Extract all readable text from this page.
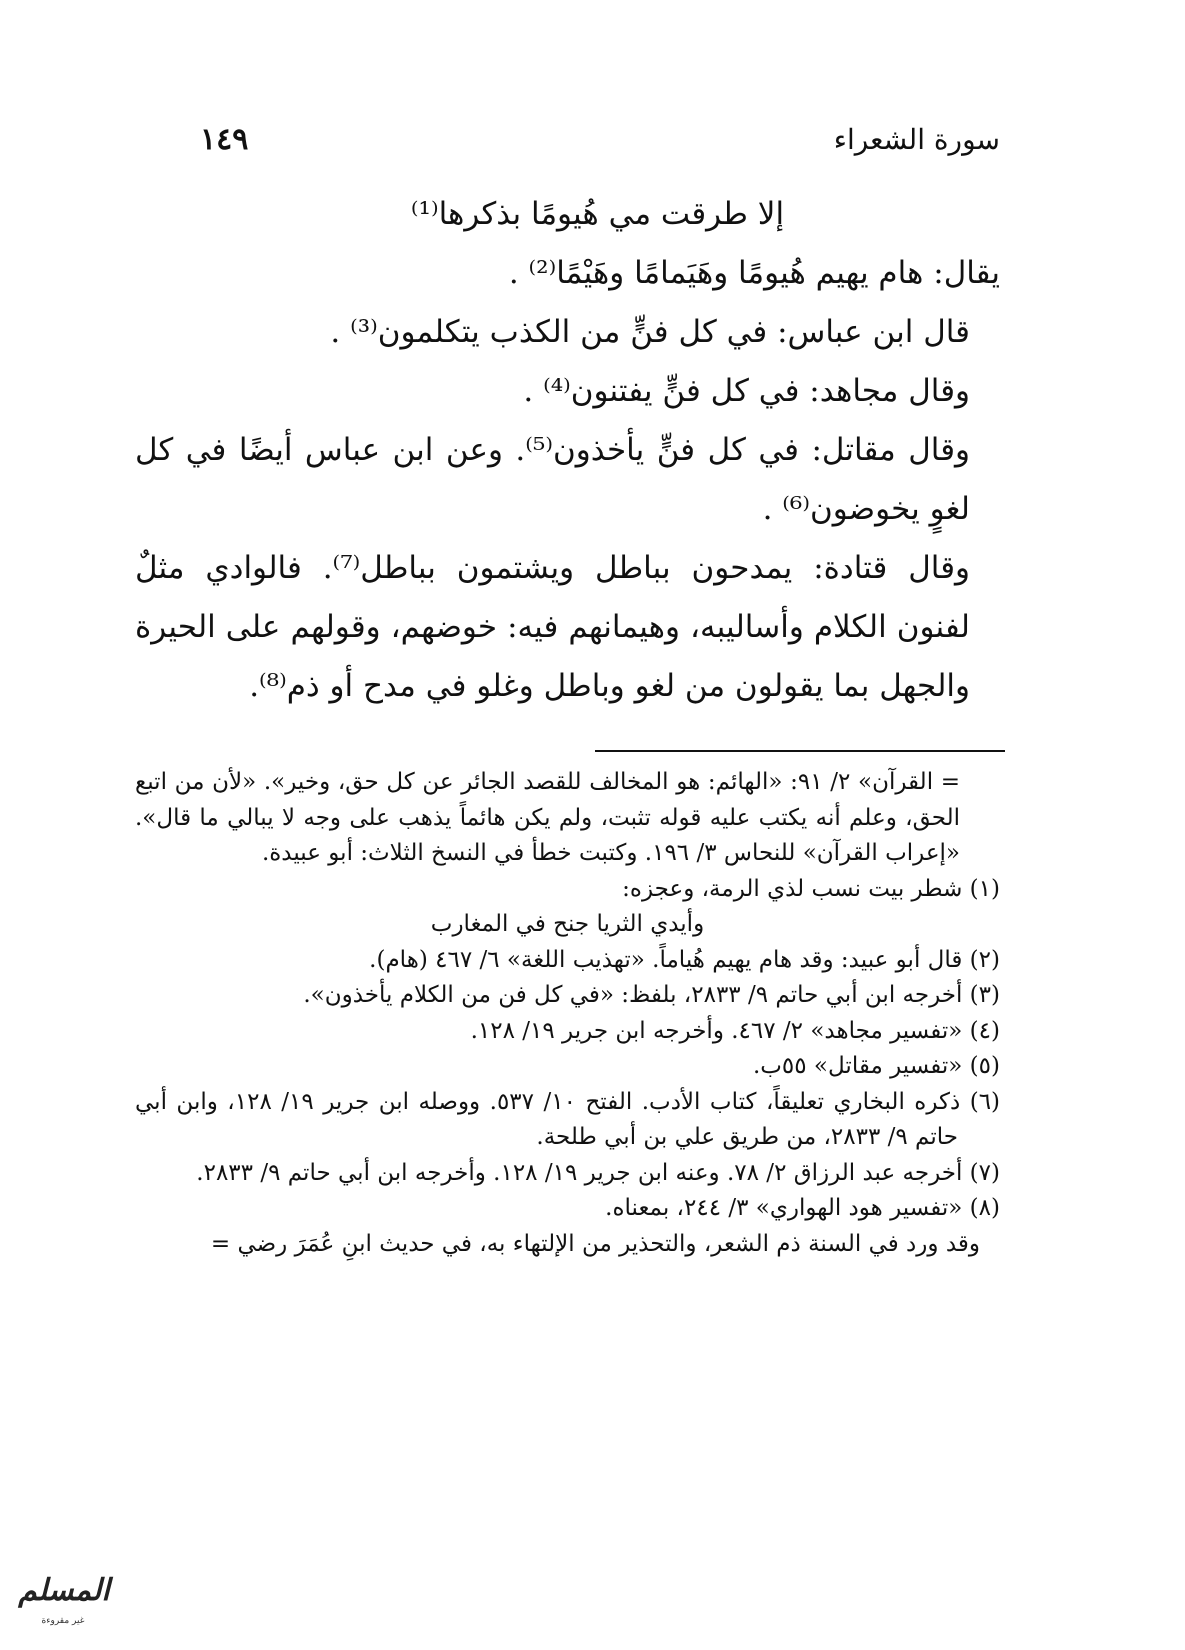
سورة الشعراء
١٤٩

إلا طرقت مي هُيومًا بذكرها⁽¹⁾

يقال: هام يهيم هُيومًا وهَيَمامًا وهَيْمًا⁽²⁾ .

قال ابن عباس: في كل فنٍّ من الكذب يتكلمون⁽³⁾ .

وقال مجاهد: في كل فنٍّ يفتنون⁽⁴⁾ .

وقال مقاتل: في كل فنٍّ يأخذون⁽⁵⁾. وعن ابن عباس أيضًا في كل لغوٍ يخوضون⁽⁶⁾ .

وقال قتادة: يمدحون بباطل ويشتمون بباطل⁽⁷⁾. فالوادي مثلٌ لفنون الكلام وأساليبه، وهيمانهم فيه: خوضهم، وقولهم على الحيرة والجهل بما يقولون من لغو وباطل وغلو في مدح أو ذم⁽⁸⁾.

= القرآن» ٢/ ٩١: «الهائم: هو المخالف للقصد الجائر عن كل حق، وخير». «لأن من اتبع الحق، وعلم أنه يكتب عليه قوله تثبت، ولم يكن هائماً يذهب على وجه لا يبالي ما قال». «إعراب القرآن» للنحاس ٣/ ١٩٦. وكتبت خطأ في النسخ الثلاث: أبو عبيدة.

(١) شطر بيت نسب لذي الرمة، وعجزه:

وأيدي الثريا جنح في المغارب

(٢) قال أبو عبيد: وقد هام يهيم هُياماً. «تهذيب اللغة» ٦/ ٤٦٧ (هام).

(٣) أخرجه ابن أبي حاتم ٩/ ٢٨٣٣، بلفظ: «في كل فن من الكلام يأخذون».

(٤) «تفسير مجاهد» ٢/ ٤٦٧. وأخرجه ابن جرير ١٩/ ١٢٨.

(٥) «تفسير مقاتل» ٥٥ب.

(٦) ذكره البخاري تعليقاً، كتاب الأدب. الفتح ١٠/ ٥٣٧. ووصله ابن جرير ١٩/ ١٢٨، وابن أبي حاتم ٩/ ٢٨٣٣، من طريق علي بن أبي طلحة.

(٧) أخرجه عبد الرزاق ٢/ ٧٨. وعنه ابن جرير ١٩/ ١٢٨. وأخرجه ابن أبي حاتم ٩/ ٢٨٣٣.

(٨) «تفسير هود الهواري» ٣/ ٢٤٤، بمعناه.

وقد ورد في السنة ذم الشعر، والتحذير من الإلتهاء به، في حديث ابنِ عُمَرَ رضي =

المسلم
غير مقروءة
